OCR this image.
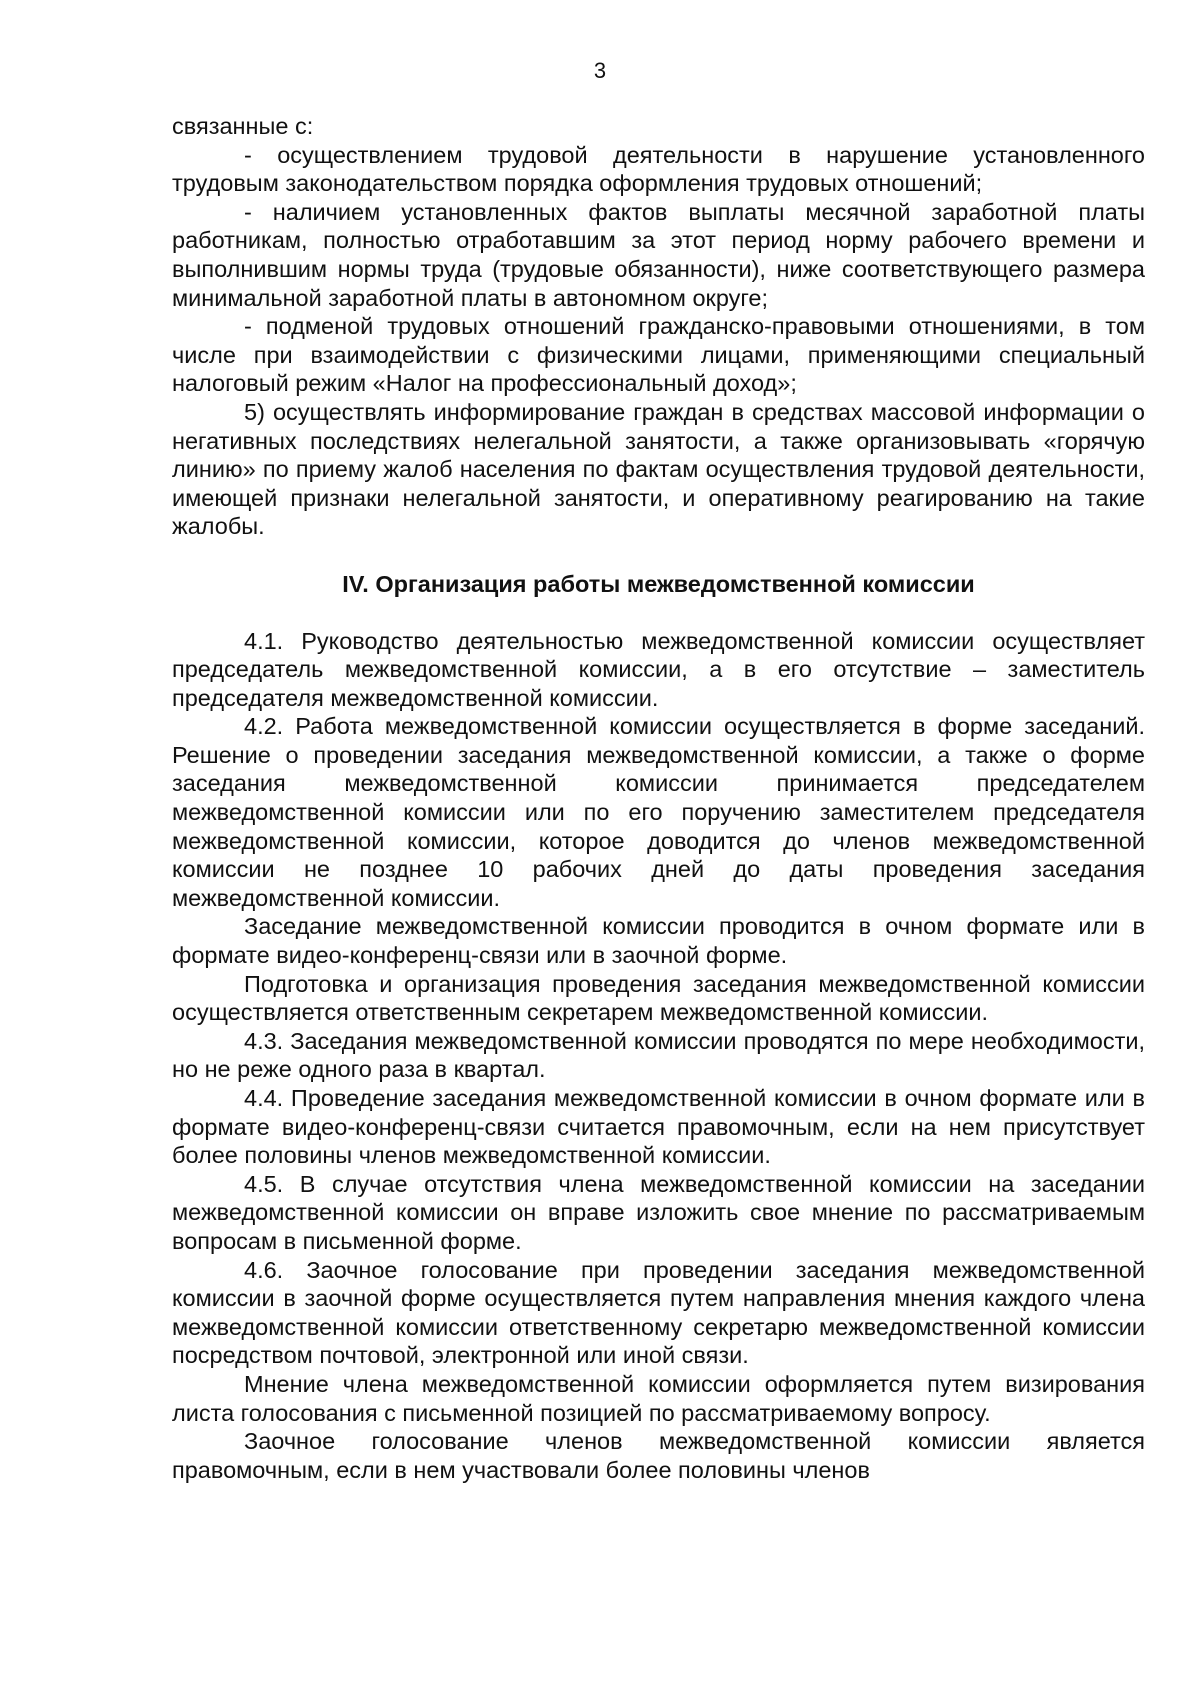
3

связанные с:

- осуществлением трудовой деятельности в нарушение установленного трудовым законодательством порядка оформления трудовых отношений;

- наличием установленных фактов выплаты месячной заработной платы работникам, полностью отработавшим за этот период норму рабочего времени и выполнившим нормы труда (трудовые обязанности), ниже соответствующего размера минимальной заработной платы в автономном округе;

- подменой трудовых отношений гражданско-правовыми отношениями, в том числе при взаимодействии с физическими лицами, применяющими специальный налоговый режим «Налог на профессиональный доход»;

5) осуществлять информирование граждан в средствах массовой информации о негативных последствиях нелегальной занятости, а также организовывать «горячую линию» по приему жалоб населения по фактам осуществления трудовой деятельности, имеющей признаки нелегальной занятости, и оперативному реагированию на такие жалобы.

IV. Организация работы межведомственной комиссии

4.1. Руководство деятельностью межведомственной комиссии осуществляет председатель межведомственной комиссии, а в его отсутствие – заместитель председателя межведомственной комиссии.

4.2. Работа межведомственной комиссии осуществляется в форме заседаний. Решение о проведении заседания межведомственной комиссии, а также о форме заседания межведомственной комиссии принимается председателем межведомственной комиссии или по его поручению заместителем председателя межведомственной комиссии, которое доводится до членов межведомственной комиссии не позднее 10 рабочих дней до даты проведения заседания межведомственной комиссии.

Заседание межведомственной комиссии проводится в очном формате или в формате видео-конференц-связи или в заочной форме.

Подготовка и организация проведения заседания межведомственной комиссии осуществляется ответственным секретарем межведомственной комиссии.

4.3. Заседания межведомственной комиссии проводятся по мере необходимости, но не реже одного раза в квартал.

4.4. Проведение заседания межведомственной комиссии в очном формате или в формате видео-конференц-связи считается правомочным, если на нем присутствует более половины членов межведомственной комиссии.

4.5. В случае отсутствия члена межведомственной комиссии на заседании межведомственной комиссии он вправе изложить свое мнение по рассматриваемым вопросам в письменной форме.

4.6. Заочное голосование при проведении заседания межведомственной комиссии в заочной форме осуществляется путем направления мнения каждого члена межведомственной комиссии ответственному секретарю межведомственной комиссии посредством почтовой, электронной или иной связи.

Мнение члена межведомственной комиссии оформляется путем визирования листа голосования с письменной позицией по рассматриваемому вопросу.

Заочное голосование членов межведомственной комиссии является правомочным, если в нем участвовали более половины членов
